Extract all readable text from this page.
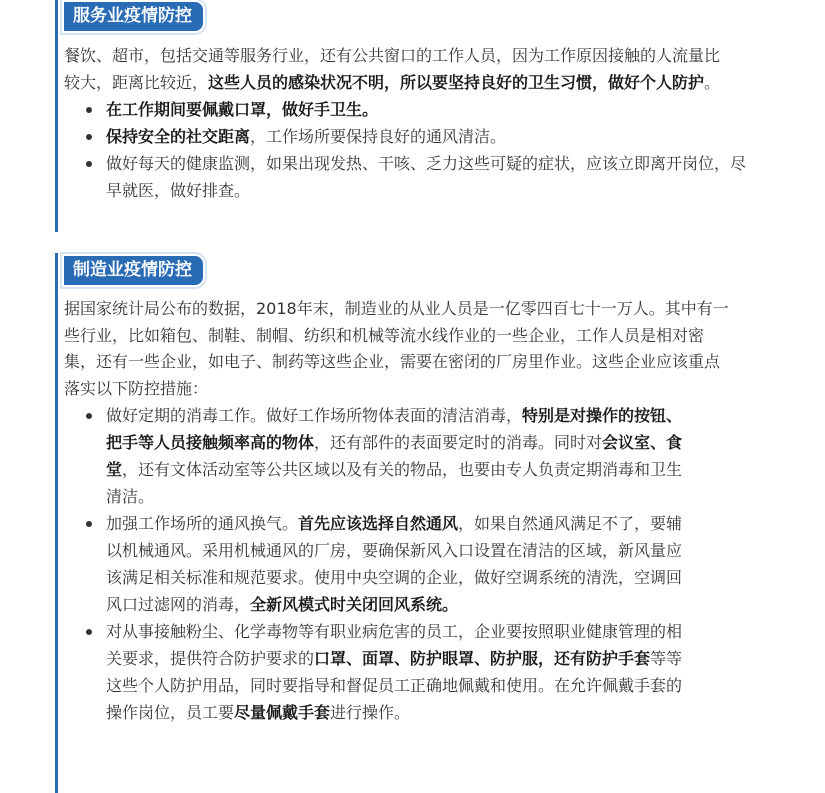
服务业疫情防控

餐饮、超市，包括交通等服务行业，还有公共窗口的工作人员，因为工作原因接触的人流量比较大，距离比较近，这些人员的感染状况不明，所以要坚持良好的卫生习惯，做好个人防护。

在工作期间要佩戴口罩，做好手卫生。
保持安全的社交距离，工作场所要保持良好的通风清洁。
做好每天的健康监测，如果出现发热、干咳、乏力这些可疑的症状，应该立即离开岗位，尽早就医，做好排查。
制造业疫情防控

据国家统计局公布的数据，2018年末，制造业的从业人员是一亿零四百七十一万人。其中有一些行业，比如箱包、制鞋、制帽、纺织和机械等流水线作业的一些企业，工作人员是相对密集，还有一些企业，如电子、制药等这些企业，需要在密闭的厂房里作业。这些企业应该重点落实以下防控措施：

做好定期的消毒工作。做好工作场所物体表面的清洁消毒，特别是对操作的按钮、把手等人员接触频率高的物体，还有部件的表面要定时的消毒。同时对会议室、食堂，还有文体活动室等公共区域以及有关的物品，也要由专人负责定期消毒和卫生清洁。
加强工作场所的通风换气。首先应该选择自然通风，如果自然通风满足不了，要辅以机械通风。采用机械通风的厂房，要确保新风入口设置在清洁的区域，新风量应该满足相关标准和规范要求。使用中央空调的企业，做好空调系统的清洗，空调回风口过滤网的消毒，全新风模式时关闭回风系统。
对从事接触粉尘、化学毒物等有职业病危害的员工，企业要按照职业健康管理的相关要求，提供符合防护要求的口罩、面罩、防护眼罩、防护服，还有防护手套等等这些个人防护用品，同时要指导和督促员工正确地佩戴和使用。在允许佩戴手套的操作岗位，员工要尽量佩戴手套进行操作。
